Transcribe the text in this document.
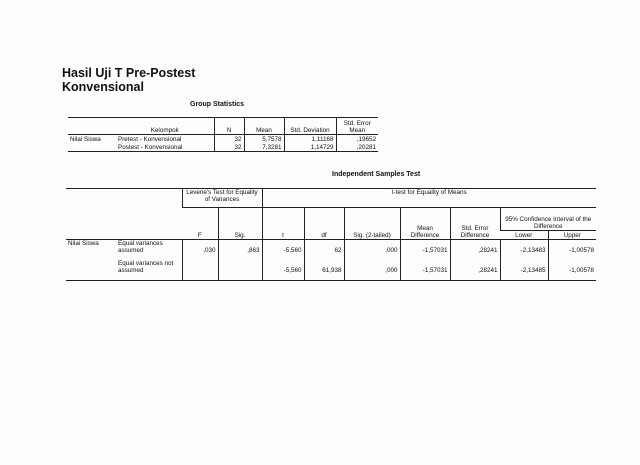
Hasil Uji T Pre-Postest
Konvensional
Group Statistics
	Kelompok	N	Mean	Std. Deviation	Std. Error Mean
Nilai Siswa	Pretest - Konvensional	32	5,7578	1,11168	,19652
	Postest - Konvensional	32	7,3281	1,14729	,20281
Independent Samples Test
		Levene's Test for Equality of Variances		t-test for Equality of Means						
		F	Sig.	t	df	Sig. (2-tailed)	Mean Difference	Std. Error Difference	95% Confidence Interval of the Difference	
									Lower	Upper
Nilai Siswa	Equal variances assumed	,030	,863	-5,560	62	,000	-1,57031	,28241	-2,13483	-1,00578
	Equal variances not assumed			-5,560	61,938	,000	-1,57031	,28241	-2,13485	-1,00578
